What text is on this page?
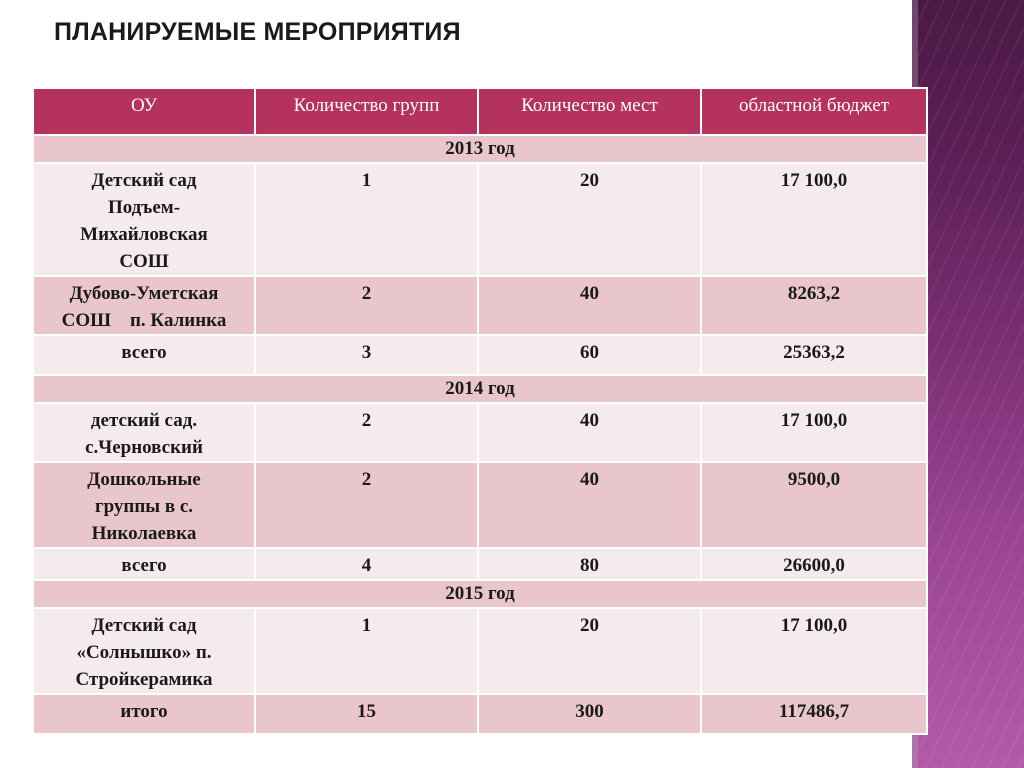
ПЛАНИРУЕМЫЕ МЕРОПРИЯТИЯ
ОУ	Количество групп	Количество мест	областной бюджет
2013 год			
Детский сад Подъем-Михайловская СОШ	1	20	17 100,0
Дубово-Уметская СОШ    п. Калинка	2	40	8263,2
всего	3	60	25363,2
2014 год			
детский сад. с.Черновский	2	40	17 100,0
Дошкольные группы в с. Николаевка	2	40	9500,0
всего	4	80	26600,0
2015 год			
Детский сад «Солнышко» п. Стройкерамика	1	20	17 100,0
итого	15	300	117486,7
